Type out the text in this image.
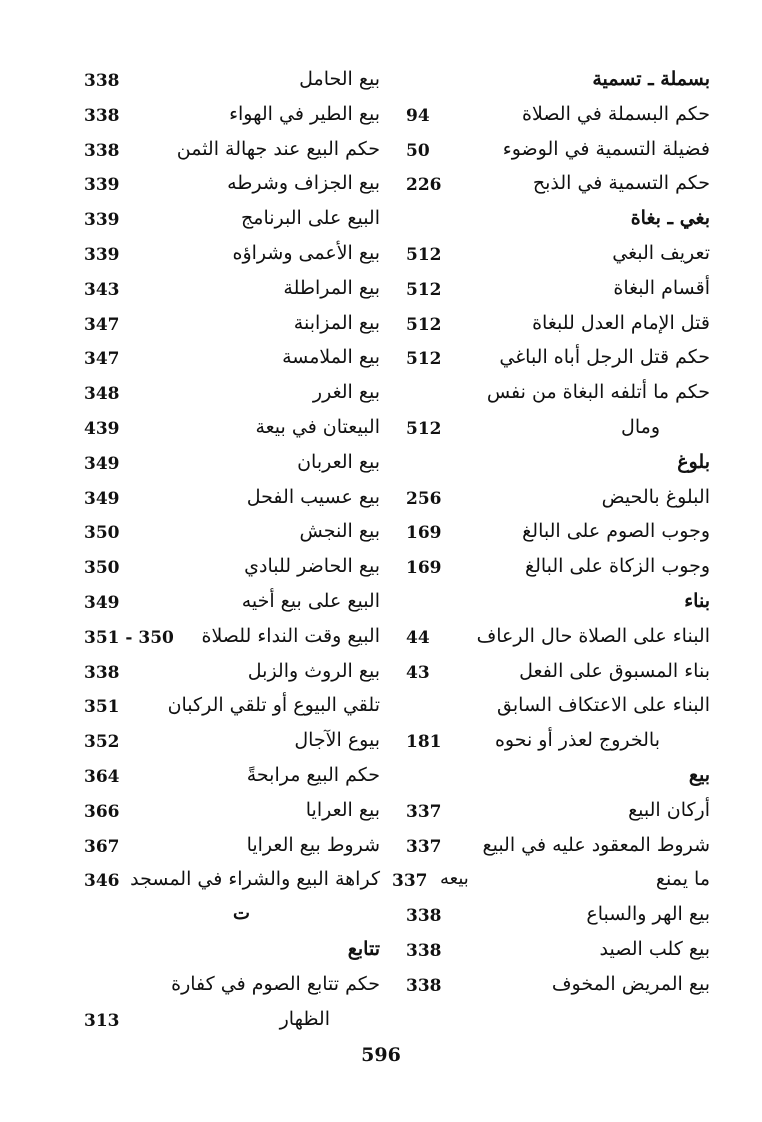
بسملة ـ تسمية
حكم البسملة في الصلاة
94
فضيلة التسمية في الوضوء
50
حكم التسمية في الذبح
226
بغي ـ بغاة
تعريف البغي
512
أقسام البغاة
512
قتل الإمام العدل للبغاة
512
حكم قتل الرجل أباه الباغي
512
حكم ما أتلفه البغاة من نفس
ومال
512
بلوغ
البلوغ بالحيض
256
وجوب الصوم على البالغ
169
وجوب الزكاة على البالغ
169
بناء
البناء على الصلاة حال الرعاف
44
بناء المسبوق على الفعل
43
البناء على الاعتكاف السابق
بالخروج لعذر أو نحوه
181
بيع
أركان البيع
337
شروط المعقود عليه في البيع
337
ما يمنع
بيعه
337
بيع الهر والسباع
338
بيع كلب الصيد
338
بيع المريض المخوف
338
بيع الحامل
338
بيع الطير في الهواء
338
حكم البيع عند جهالة الثمن
338
بيع الجزاف وشرطه
339
البيع على البرنامج
339
بيع الأعمى وشراؤه
339
بيع المراطلة
343
بيع المزابنة
347
بيع الملامسة
347
بيع الغرر
348
البيعتان في بيعة
439
بيع العربان
349
بيع عسيب الفحل
349
بيع النجش
350
بيع الحاضر للبادي
350
البيع على بيع أخيه
349
البيع وقت النداء للصلاة
351 - 350
بيع الروث والزبل
338
تلقي البيوع أو تلقي الركبان
351
بيوع الآجال
352
حكم البيع مرابحةً
364
بيع العرايا
366
شروط بيع العرايا
367
كراهة البيع والشراء في المسجد
346
ت
تتابع
حكم تتابع الصوم في كفارة
الظهار
313
596
